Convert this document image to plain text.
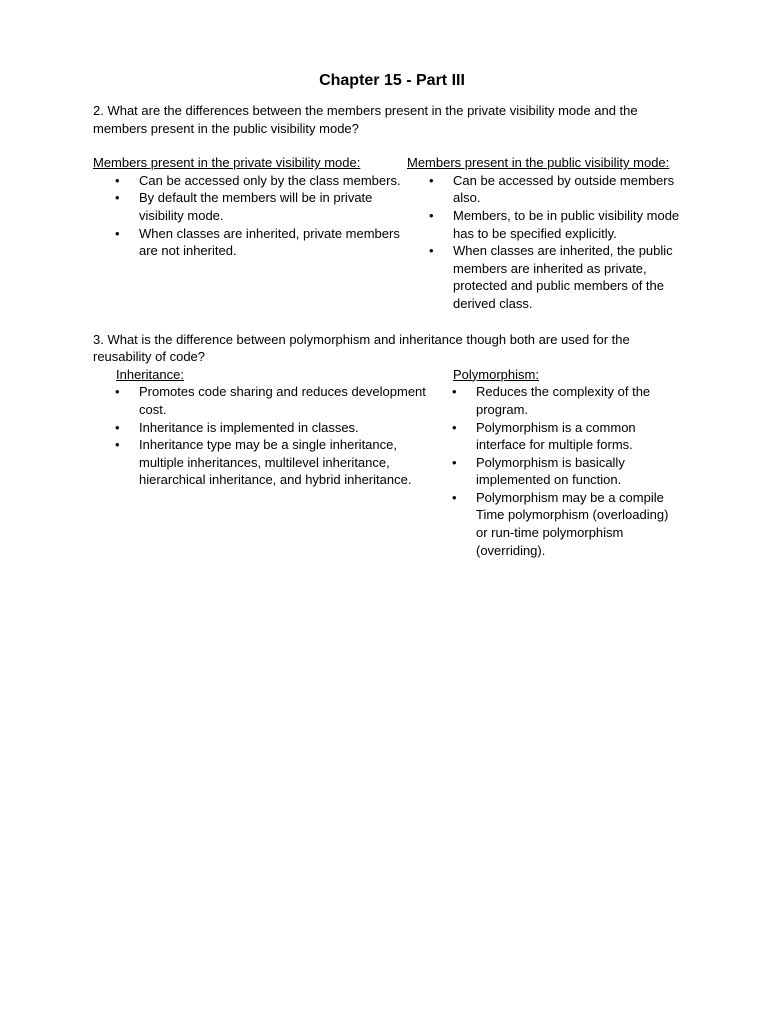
Chapter 15 - Part III

2. What are the differences between the members present in the private visibility mode and the members present in the public visibility mode?

Members present in the private visibility mode:

• Can be accessed only by the class members.
• By default the members will be in private visibility mode.
• When classes are inherited, private members are not inherited.

Members present in the public visibility mode:

• Can be accessed by outside members also.
• Members, to be in public visibility mode has to be specified explicitly.
• When classes are inherited, the public members are inherited as private, protected and public members of the derived class.

3. What is the difference between polymorphism and inheritance though both are used for the reusability of code?

Inheritance:

• Promotes code sharing and reduces development cost.
• Inheritance is implemented in classes.
• Inheritance type may be a single inheritance, multiple inheritances, multilevel inheritance, hierarchical inheritance, and hybrid inheritance.

Polymorphism:

• Reduces the complexity of the program.
• Polymorphism is a common interface for multiple forms.
• Polymorphism is basically implemented on function.
• Polymorphism may be a compile Time polymorphism (overloading) or run-time polymorphism (overriding).
